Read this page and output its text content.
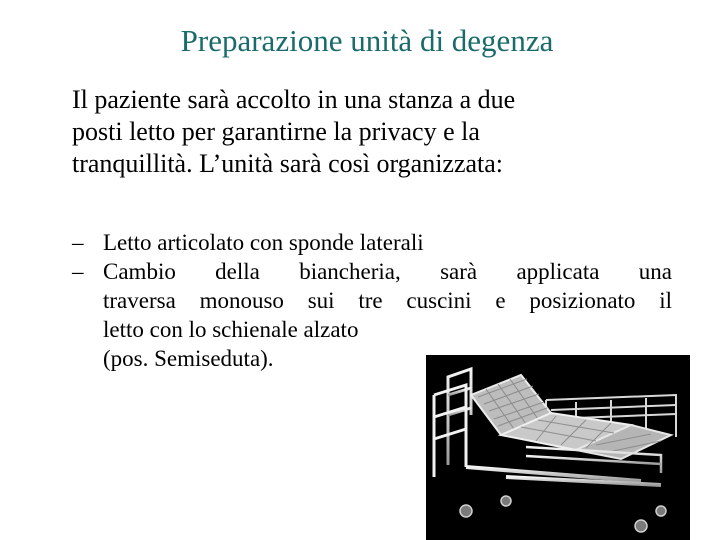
Preparazione unità di degenza
Il paziente sarà accolto in una stanza a due
posti letto per garantirne la privacy e la
tranquillità. L’unità sarà così organizzata:
– Letto articolato con sponde laterali
– Cambio della biancheria, sarà applicata una
traversa monouso sui tre cuscini e posizionato il
letto con lo schienale alzato
(pos. Semiseduta).
